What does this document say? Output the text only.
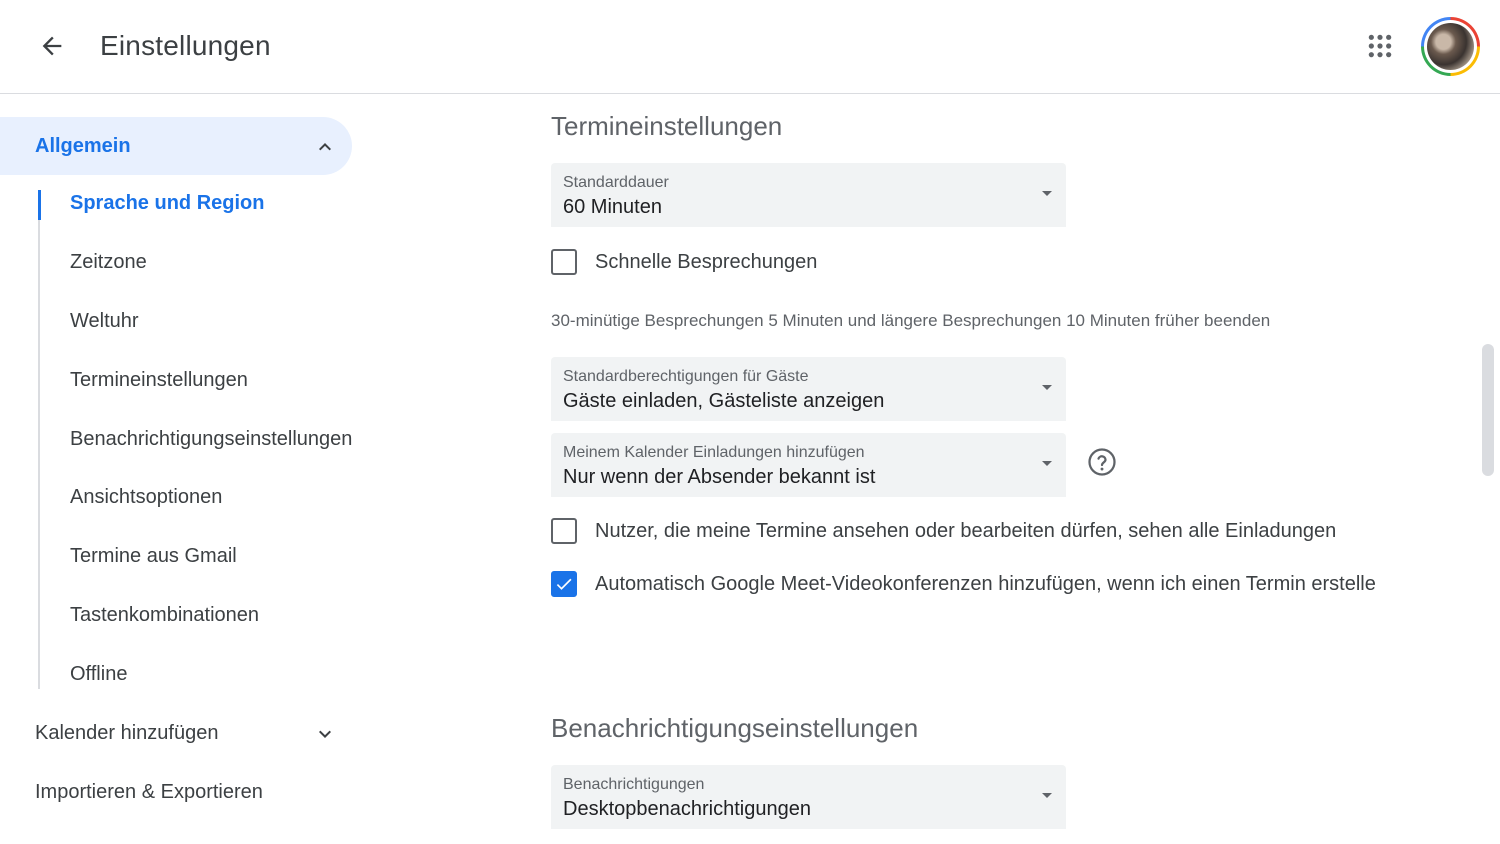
Einstellungen
Allgemein
Sprache und Region
Zeitzone
Weltuhr
Termineinstellungen
Benachrichtigungseinstellungen
Ansichtsoptionen
Termine aus Gmail
Tastenkombinationen
Offline
Kalender hinzufügen
Importieren & Exportieren
Termineinstellungen
Standarddauer
60 Minuten
Schnelle Besprechungen
30-minütige Besprechungen 5 Minuten und längere Besprechungen 10 Minuten früher beenden
Standardberechtigungen für Gäste
Gäste einladen, Gästeliste anzeigen
Meinem Kalender Einladungen hinzufügen
Nur wenn der Absender bekannt ist
Nutzer, die meine Termine ansehen oder bearbeiten dürfen, sehen alle Einladungen
Automatisch Google Meet-Videokonferenzen hinzufügen, wenn ich einen Termin erstelle
Benachrichtigungseinstellungen
Benachrichtigungen
Desktopbenachrichtigungen
